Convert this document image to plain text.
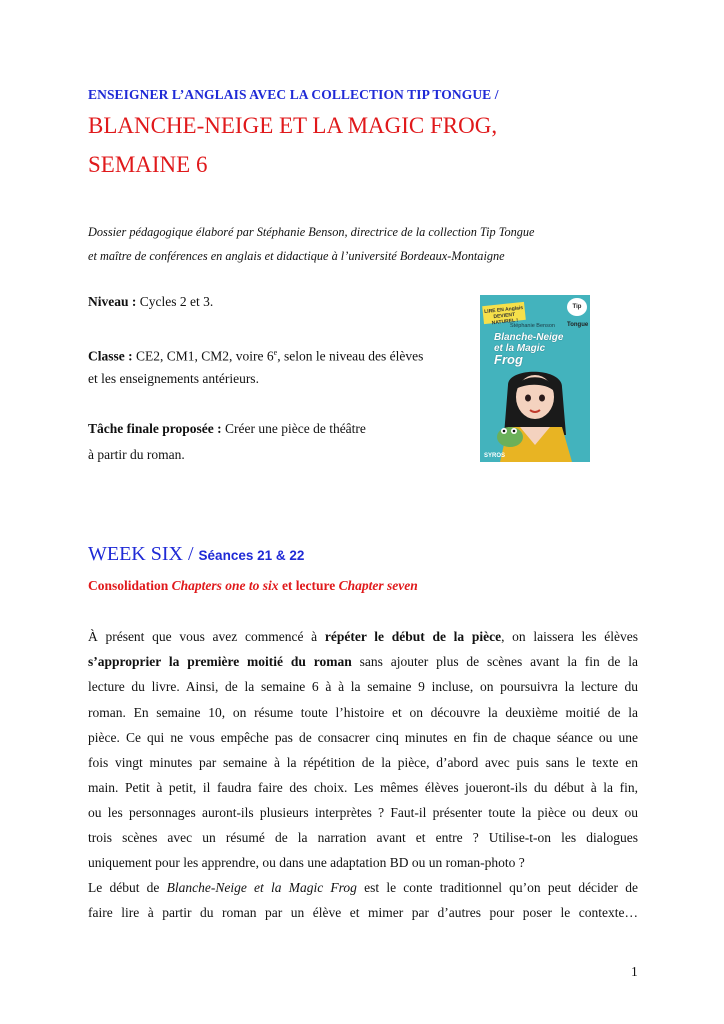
ENSEIGNER L’ANGLAIS AVEC LA COLLECTION TIP TONGUE /
BLANCHE-NEIGE ET LA MAGIC FROG,
SEMAINE 6
Dossier pédagogique élaboré par Stéphanie Benson, directrice de la collection Tip Tongue
et maître de conférences en anglais et didactique à l’université Bordeaux-Montaigne
Niveau : Cycles 2 et 3.
Classe : CE2, CM1, CM2, voire 6e, selon le niveau des élèves
et les enseignements antérieurs.
Tâche finale proposée : Créer une pièce de théâtre
à partir du roman.
LIRE EN Anglais DEVIENT NATUREL !
Tip Tongue
Stéphanie Benson
Blanche-Neige
et la Magic
Frog
SYROS
WEEK SIX / Séances 21 & 22
Consolidation Chapters one to six et lecture Chapter seven
À présent que vous avez commencé à répéter le début de la pièce, on laissera les élèves
s’approprier la première moitié du roman sans ajouter plus de scènes avant la fin de la
lecture du livre. Ainsi, de la semaine 6 à à la semaine 9 incluse, on poursuivra la lecture du
roman. En semaine 10, on résume toute l’histoire et on découvre la deuxième moitié de la
pièce. Ce qui ne vous empêche pas de consacrer cinq minutes en fin de chaque séance ou une
fois vingt minutes par semaine à la répétition de la pièce, d’abord avec puis sans le texte en
main. Petit à petit, il faudra faire des choix. Les mêmes élèves joueront-ils du début à la fin,
ou les personnages auront-ils plusieurs interprètes ? Faut-il présenter toute la pièce ou deux ou
trois scènes avec un résumé de la narration avant et entre ? Utilise-t-on les dialogues
uniquement pour les apprendre, ou dans une adaptation BD ou un roman-photo ?
Le début de Blanche-Neige et la Magic Frog est le conte traditionnel qu’on peut décider de
faire lire à partir du roman par un élève et mimer par d’autres pour poser le contexte…
1
